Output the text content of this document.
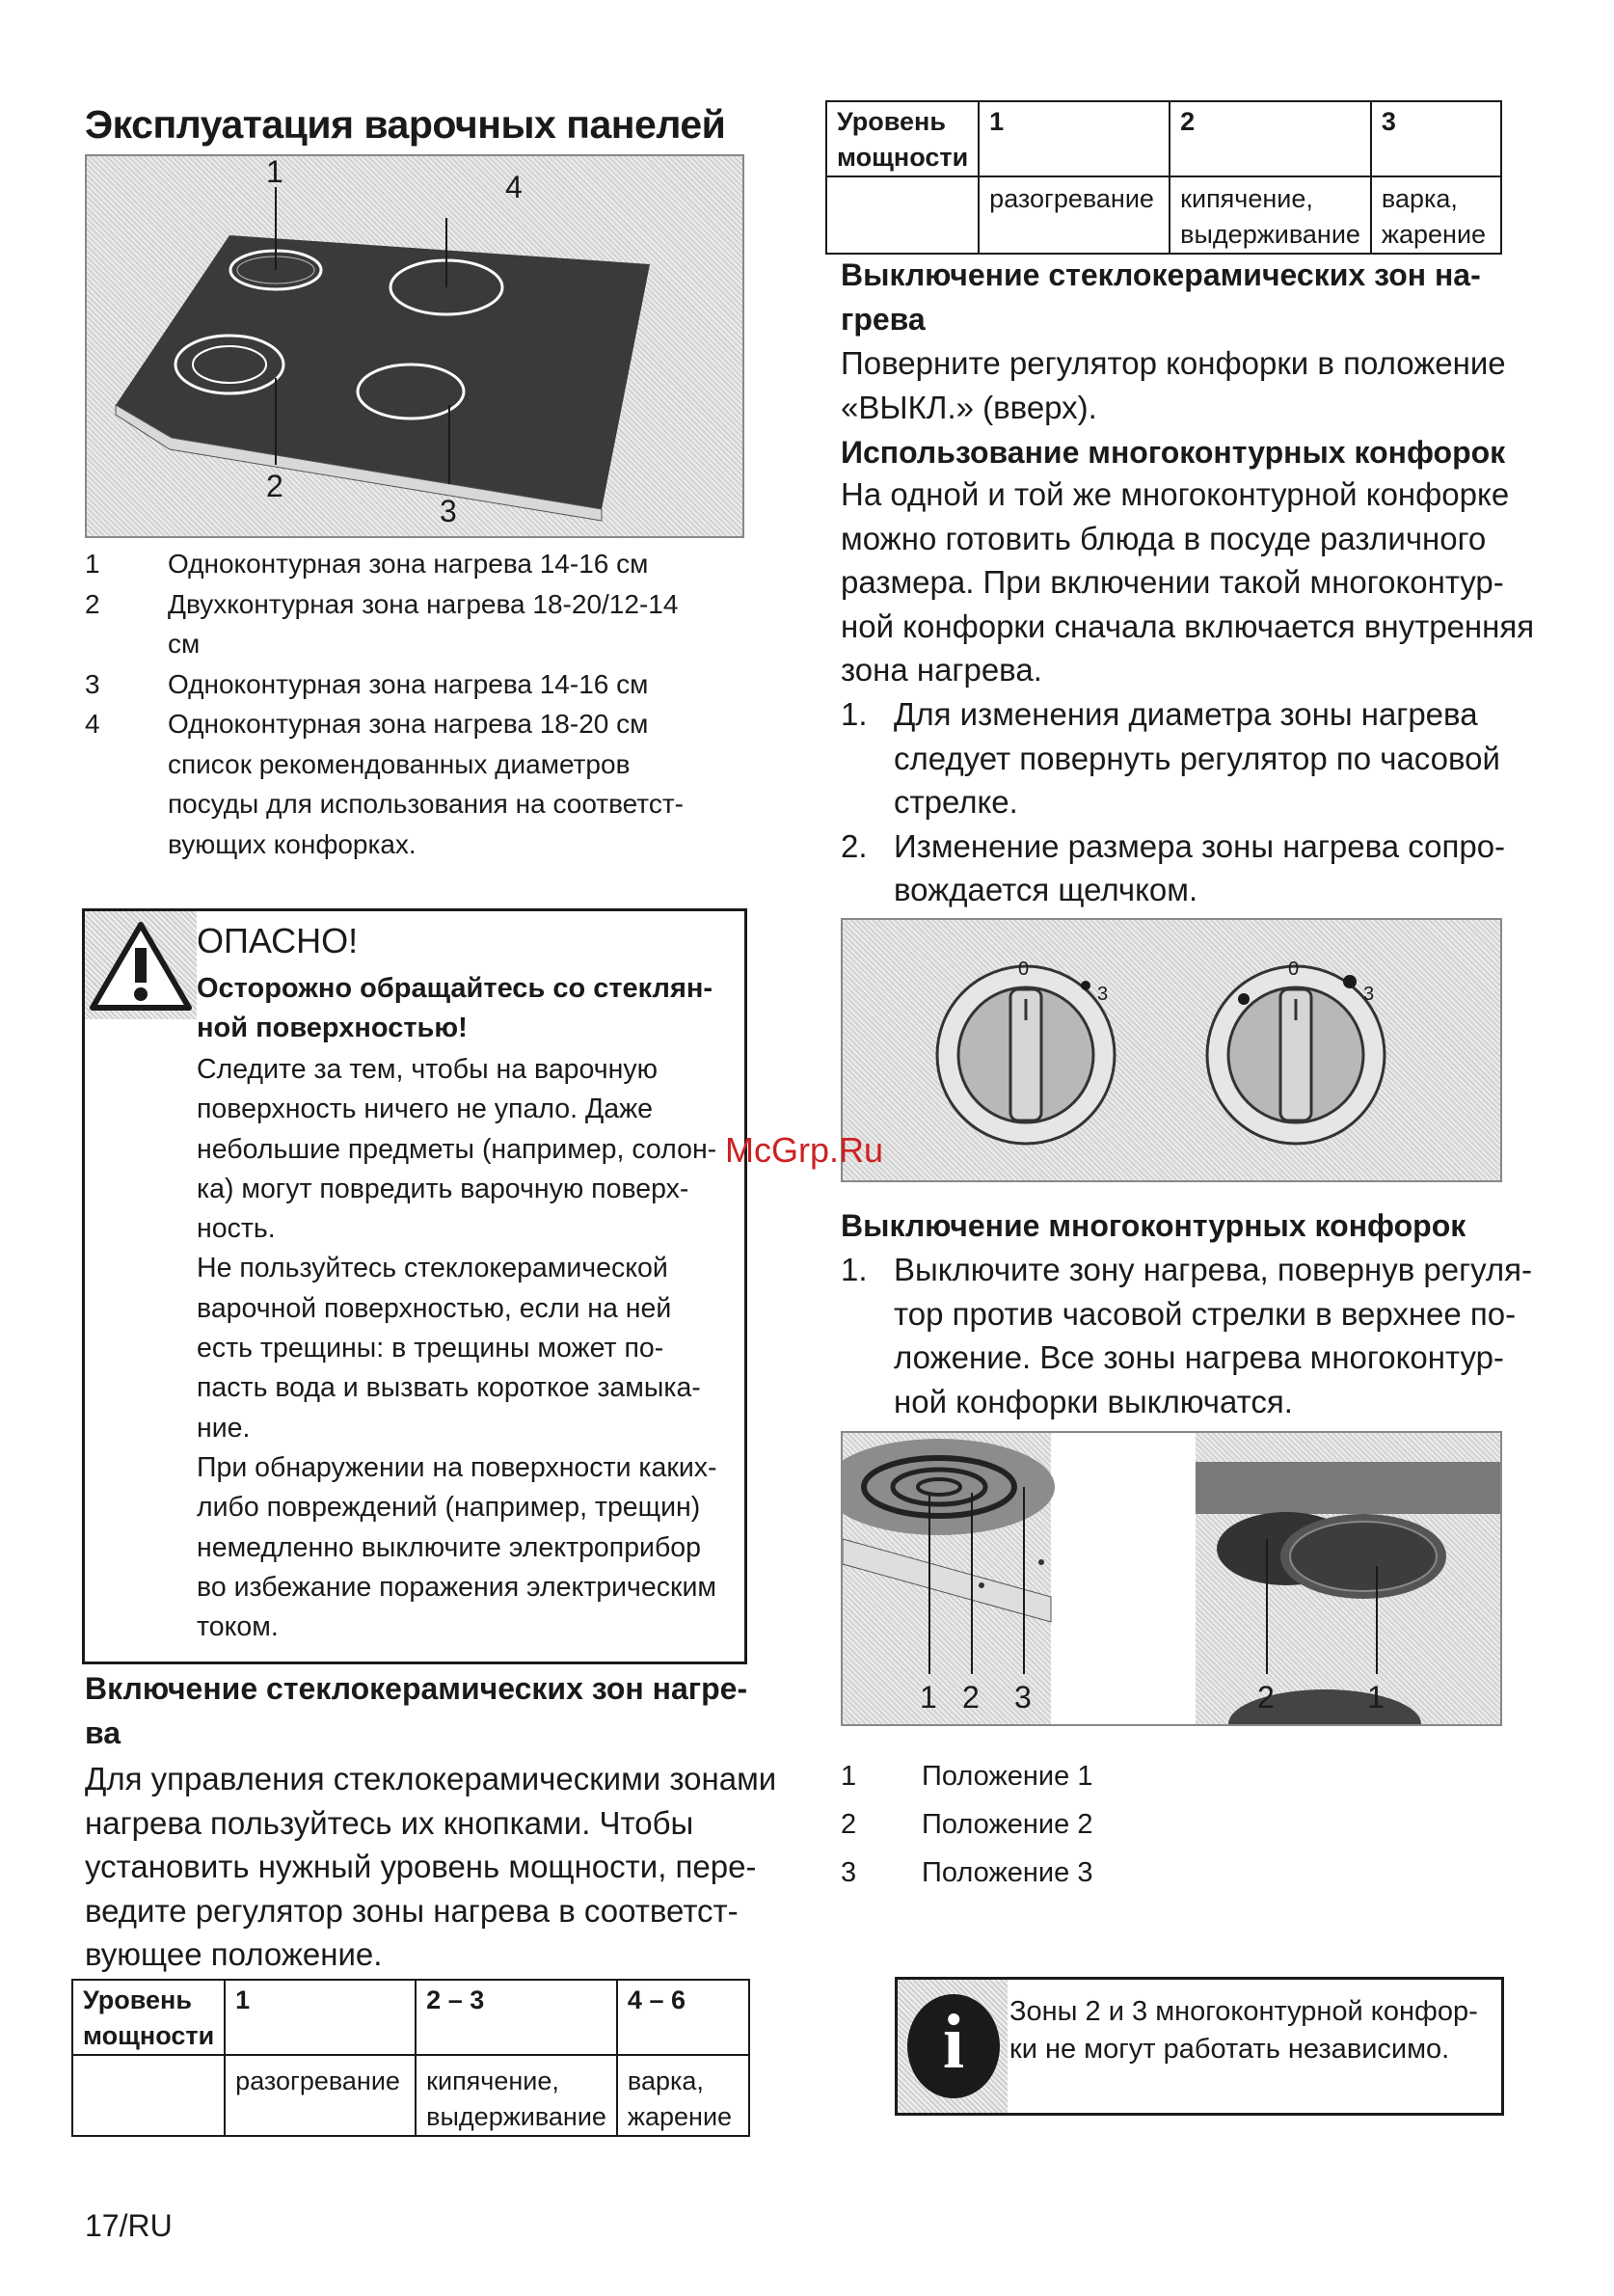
Эксплуатация варочных панелей
1	4
2
3
1	Одноконтурная зона нагрева 14-16 см
2	Двухконтурная зона нагрева 18-20/12-14
см
3	Одноконтурная зона нагрева 14-16 см
4	Одноконтурная зона нагрева 18-20 см
список рекомендованных диаметров
посуды для использования на соответст-
вующих конфорках.
ОПАСНО!
Осторожно обращайтесь со стеклян-
ной поверхностью!
Следите за тем, чтобы на варочную
поверхность ничего не упало. Даже
небольшие предметы (например, солон-
ка) могут повредить варочную поверх-
ность.
Не пользуйтесь стеклокерамической
варочной поверхностью, если на ней
есть трещины: в трещины может по-
пасть вода и вызвать короткое замыка-
ние.
При обнаружении на поверхности каких-
либо повреждений (например, трещин)
немедленно выключите электроприбор
во избежание поражения электрическим
током.
Включение стеклокерамических зон нагре-
ва
Для управления стеклокерамическими зонами
нагрева пользуйтесь их кнопками. Чтобы
установить нужный уровень мощности, пере-
ведите регулятор зоны нагрева в соответст-
вующее положение.
Уровень мощности	1	2 – 3	4 – 6
	разогревание	кипячение, выдерживание	варка, жарение
17/RU
Уровень мощности	1	2	3
	разогревание	кипячение, выдерживание	варка, жарение
Выключение стеклокерамических зон на-
грева
Поверните регулятор конфорки в положение
«ВЫКЛ.» (вверх).
Использование многоконтурных конфорок
На одной и той же многоконтурной конфорке
можно готовить блюда в посуде различного
размера. При включении такой многоконтур-
ной конфорки сначала включается внутренняя
зона нагрева.
1. Для изменения диаметра зоны нагрева
следует повернуть регулятор по часовой
стрелке.
2. Изменение размера зоны нагрева сопро-
вождается щелчком.
0
3
0
3
McGrp.Ru
Выключение многоконтурных конфорок
1. Выключите зону нагрева, повернув регуля-
тор против часовой стрелки в верхнее по-
ложение. Все зоны нагрева многоконтур-
ной конфорки выключатся.
1 2 3	2	1
1	Положение 1
2	Положение 2
3	Положение 3
i	Зоны 2 и 3 многоконтурной конфор-
ки не могут работать независимо.
